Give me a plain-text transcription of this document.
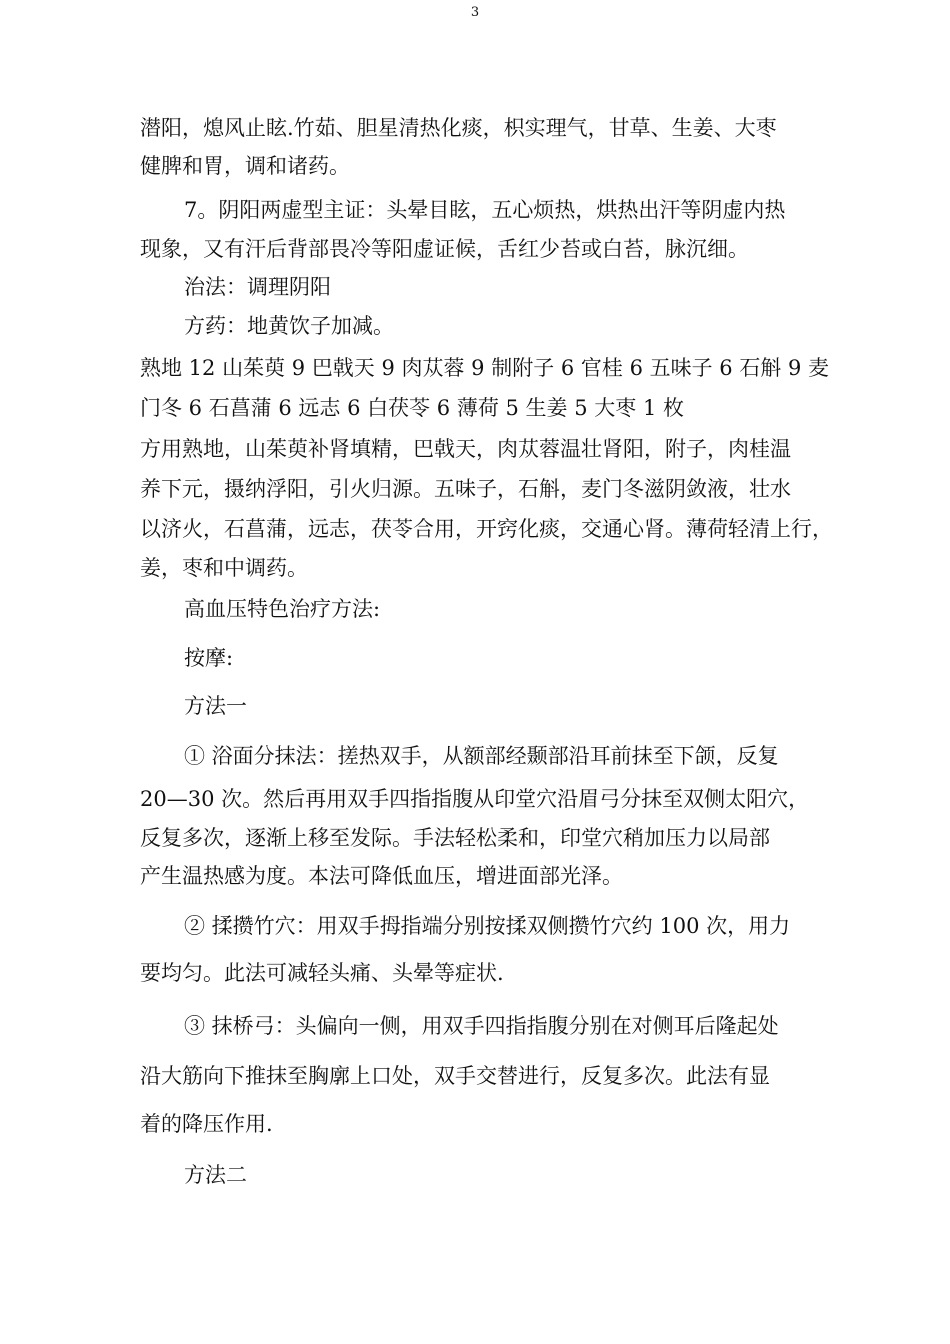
3

潜阳，熄风止眩.竹茹、胆星清热化痰，枳实理气，甘草、生姜、大枣

健脾和胃，调和诸药。

7。阴阳两虚型主证：头晕目眩，五心烦热，烘热出汗等阴虚内热

现象，又有汗后背部畏冷等阳虚证候，舌红少苔或白苔，脉沉细。

治法：调理阴阳

方药：地黄饮子加减。

熟地 12 山茱萸 9 巴戟天 9 肉苁蓉 9 制附子 6 官桂 6 五味子 6 石斛 9 麦

门冬 6 石菖蒲 6 远志 6 白茯苓 6 薄荷 5 生姜 5 大枣 1 枚

方用熟地，山茱萸补肾填精，巴戟天，肉苁蓉温壮肾阳，附子，肉桂温

养下元，摄纳浮阳，引火归源。五味子，石斛，麦门冬滋阴敛液，壮水

以济火，石菖蒲，远志，茯苓合用，开窍化痰，交通心肾。薄荷轻清上行，

姜，枣和中调药。

高血压特色治疗方法:

按摩:

方法一

① 浴面分抹法：搓热双手，从额部经颞部沿耳前抹至下颌，反复

20—30 次。然后再用双手四指指腹从印堂穴沿眉弓分抹至双侧太阳穴，

反复多次，逐渐上移至发际。手法轻松柔和，印堂穴稍加压力以局部

产生温热感为度。本法可降低血压，增进面部光泽。

② 揉攒竹穴：用双手拇指端分别按揉双侧攒竹穴约 100 次，用力

要均匀。此法可减轻头痛、头晕等症状.

③ 抹桥弓：头偏向一侧，用双手四指指腹分别在对侧耳后隆起处

沿大筋向下推抹至胸廓上口处，双手交替进行，反复多次。此法有显

着的降压作用.

方法二
